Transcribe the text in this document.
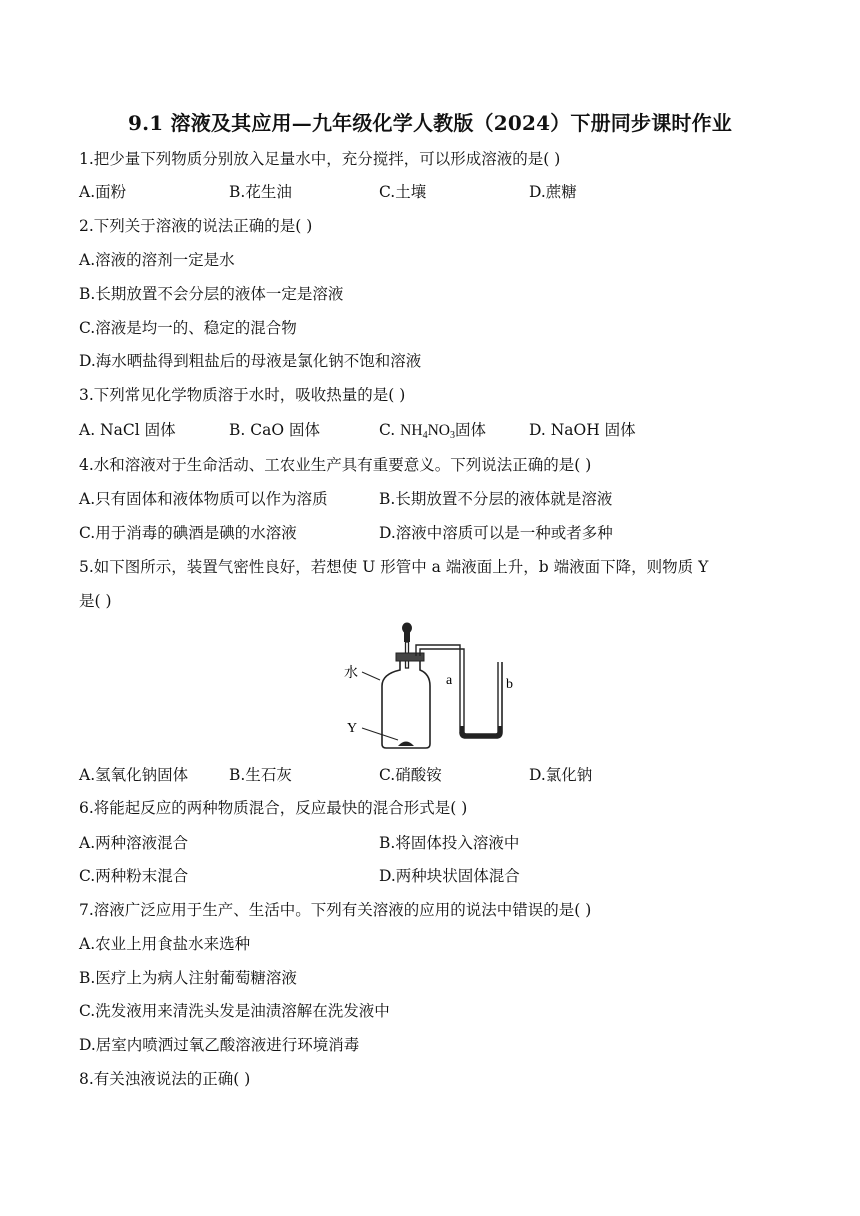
9.1 溶液及其应用—九年级化学人教版（2024）下册同步课时作业
1.把少量下列物质分别放入足量水中，充分搅拌，可以形成溶液的是( )
A.面粉	B.花生油	C.土壤	D.蔗糖
2.下列关于溶液的说法正确的是( )
A.溶液的溶剂一定是水
B.长期放置不会分层的液体一定是溶液
C.溶液是均一的、稳定的混合物
D.海水晒盐得到粗盐后的母液是氯化钠不饱和溶液
3.下列常见化学物质溶于水时，吸收热量的是( )
A. NaCl 固体	B. CaO 固体	C. $NH_4NO_3$固体	D. NaOH 固体
4.水和溶液对于生命活动、工农业生产具有重要意义。下列说法正确的是( )
A.只有固体和液体物质可以作为溶质	B.长期放置不分层的液体就是溶液
C.用于消毒的碘酒是碘的水溶液	D.溶液中溶质可以是一种或者多种
5.如下图所示，装置气密性良好，若想使 U 形管中 a 端液面上升，b 端液面下降，则物质 Y
是( )
水
Y
a	b
A.氢氧化钠固体	B.生石灰	C.硝酸铵	D.氯化钠
6.将能起反应的两种物质混合，反应最快的混合形式是( )
A.两种溶液混合	B.将固体投入溶液中
C.两种粉末混合	D.两种块状固体混合
7.溶液广泛应用于生产、生活中。下列有关溶液的应用的说法中错误的是( )
A.农业上用食盐水来选种
B.医疗上为病人注射葡萄糖溶液
C.洗发液用来清洗头发是油渍溶解在洗发液中
D.居室内喷洒过氧乙酸溶液进行环境消毒
8.有关浊液说法的正确( )
